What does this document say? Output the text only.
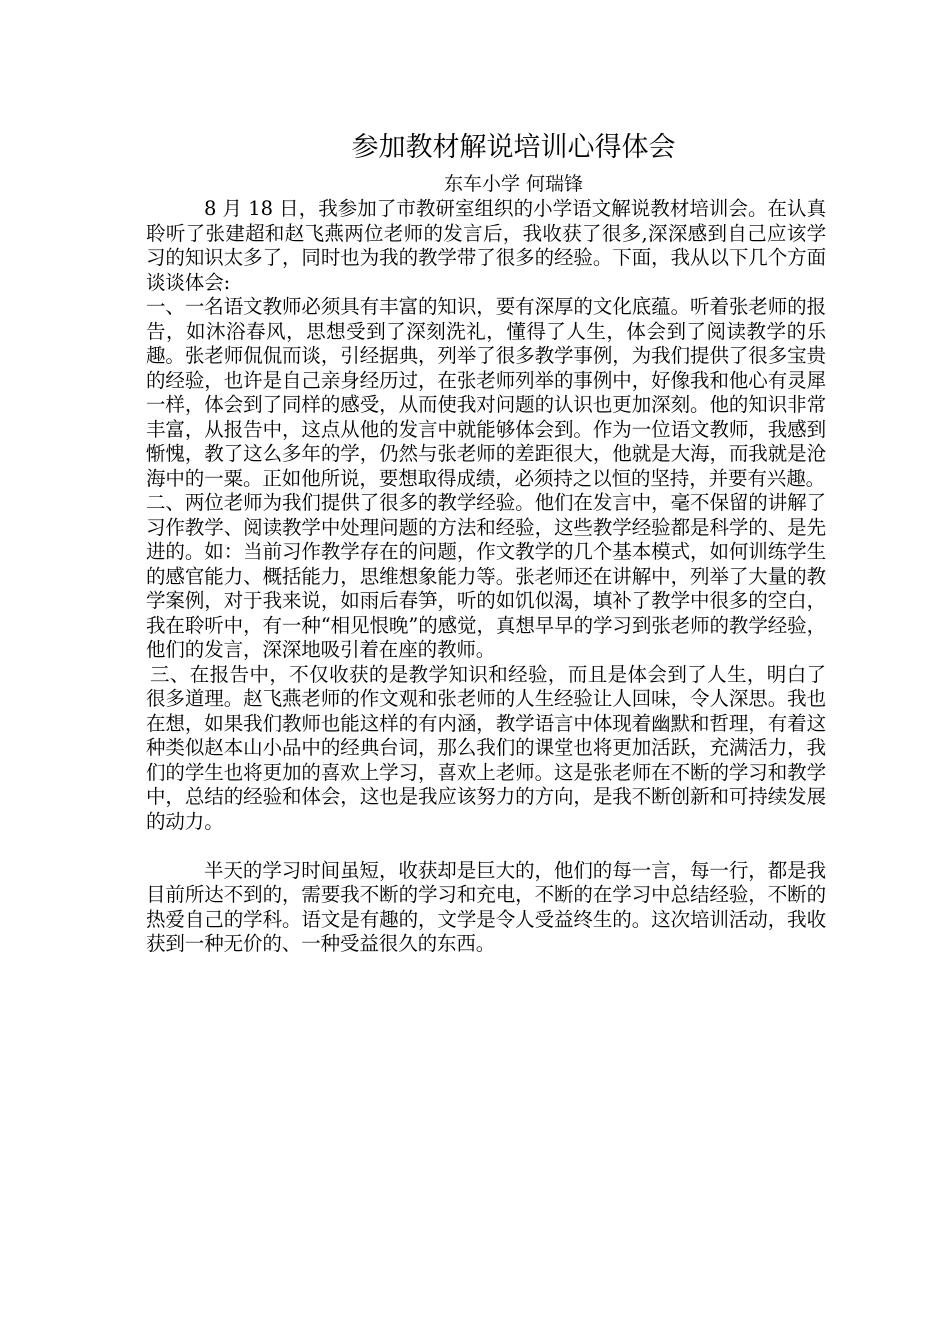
参加教材解说培训心得体会
东车小学 何瑞锋

8 月 18 日，我参加了市教研室组织的小学语文解说教材培训会。在认真聆听了张建超和赵飞燕两位老师的发言后，我收获了很多,深深感到自己应该学习的知识太多了，同时也为我的教学带了很多的经验。下面，我从以下几个方面谈谈体会:

一、一名语文教师必须具有丰富的知识，要有深厚的文化底蕴。听着张老师的报告，如沐浴春风，思想受到了深刻洗礼，懂得了人生，体会到了阅读教学的乐趣。张老师侃侃而谈，引经据典，列举了很多教学事例，为我们提供了很多宝贵的经验，也许是自己亲身经历过，在张老师列举的事例中，好像我和他心有灵犀一样，体会到了同样的感受，从而使我对问题的认识也更加深刻。他的知识非常丰富，从报告中，这点从他的发言中就能够体会到。作为一位语文教师，我感到惭愧，教了这么多年的学，仍然与张老师的差距很大，他就是大海，而我就是沧海中的一粟。正如他所说，要想取得成绩，必须持之以恒的坚持，并要有兴趣。

二、两位老师为我们提供了很多的教学经验。他们在发言中，毫不保留的讲解了习作教学、阅读教学中处理问题的方法和经验，这些教学经验都是科学的、是先进的。如：当前习作教学存在的问题，作文教学的几个基本模式，如何训练学生的感官能力、概括能力，思维想象能力等。张老师还在讲解中，列举了大量的教学案例，对于我来说，如雨后春笋，听的如饥似渴，填补了教学中很多的空白，我在聆听中，有一种“相见恨晚”的感觉，真想早早的学习到张老师的教学经验，他们的发言，深深地吸引着在座的教师。

三、在报告中，不仅收获的是教学知识和经验，而且是体会到了人生，明白了很多道理。赵飞燕老师的作文观和张老师的人生经验让人回味，令人深思。我也在想，如果我们教师也能这样的有内涵，教学语言中体现着幽默和哲理，有着这种类似赵本山小品中的经典台词，那么我们的课堂也将更加活跃，充满活力，我们的学生也将更加的喜欢上学习，喜欢上老师。这是张老师在不断的学习和教学中，总结的经验和体会，这也是我应该努力的方向，是我不断创新和可持续发展的动力。

半天的学习时间虽短，收获却是巨大的，他们的每一言，每一行，都是我目前所达不到的，需要我不断的学习和充电，不断的在学习中总结经验，不断的热爱自己的学科。语文是有趣的，文学是令人受益终生的。这次培训活动，我收获到一种无价的、一种受益很久的东西。
